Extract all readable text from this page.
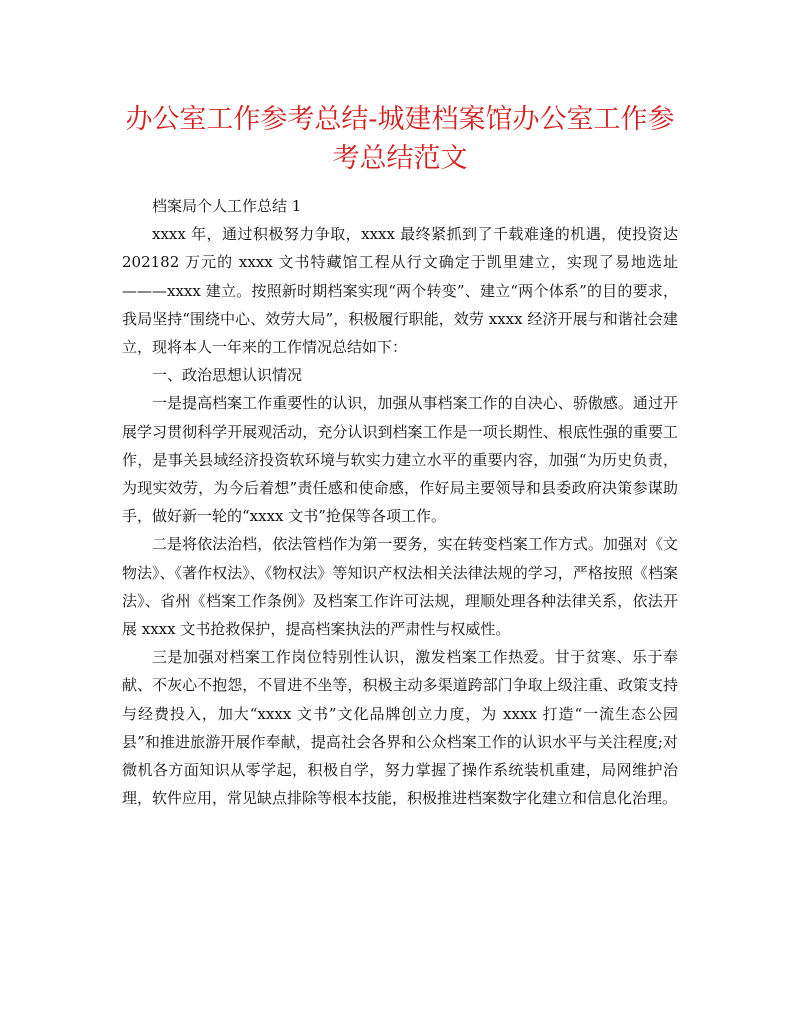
办公室工作参考总结-城建档案馆办公室工作参考总结范文

档案局个人工作总结 1

xxxx 年，通过积极努力争取，xxxx 最终紧抓到了千载难逢的机遇，使投资达 202182 万元的 xxxx 文书特藏馆工程从行文确定于凯里建立，实现了易地选址———xxxx 建立。按照新时期档案实现“两个转变”、建立“两个体系”的目的要求，我局坚持“围绕中心、效劳大局”，积极履行职能，效劳 xxxx 经济开展与和谐社会建立，现将本人一年来的工作情况总结如下：

一、政治思想认识情况

一是提高档案工作重要性的认识，加强从事档案工作的自决心、骄傲感。通过开展学习贯彻科学开展观活动，充分认识到档案工作是一项长期性、根底性强的重要工作，是事关县域经济投资软环境与软实力建立水平的重要内容，加强“为历史负责，为现实效劳，为今后着想”责任感和使命感，作好局主要领导和县委政府决策参谋助手，做好新一轮的“xxxx 文书”抢保等各项工作。

二是将依法治档，依法管档作为第一要务，实在转变档案工作方式。加强对《文物法》、《著作权法》、《物权法》等知识产权法相关法律法规的学习，严格按照《档案法》、省州《档案工作条例》及档案工作许可法规，理顺处理各种法律关系，依法开展 xxxx 文书抢救保护，提高档案执法的严肃性与权威性。

三是加强对档案工作岗位特别性认识，激发档案工作热爱。甘于贫寒、乐于奉献、不灰心不抱怨，不冒进不坐等，积极主动多渠道跨部门争取上级注重、政策支持与经费投入，加大“xxxx 文书”文化品牌创立力度，为 xxxx 打造“一流生态公园县”和推进旅游开展作奉献，提高社会各界和公众档案工作的认识水平与关注程度;对微机各方面知识从零学起，积极自学，努力掌握了操作系统装机重建，局网维护治理，软件应用，常见缺点排除等根本技能，积极推进档案数字化建立和信息化治理。
